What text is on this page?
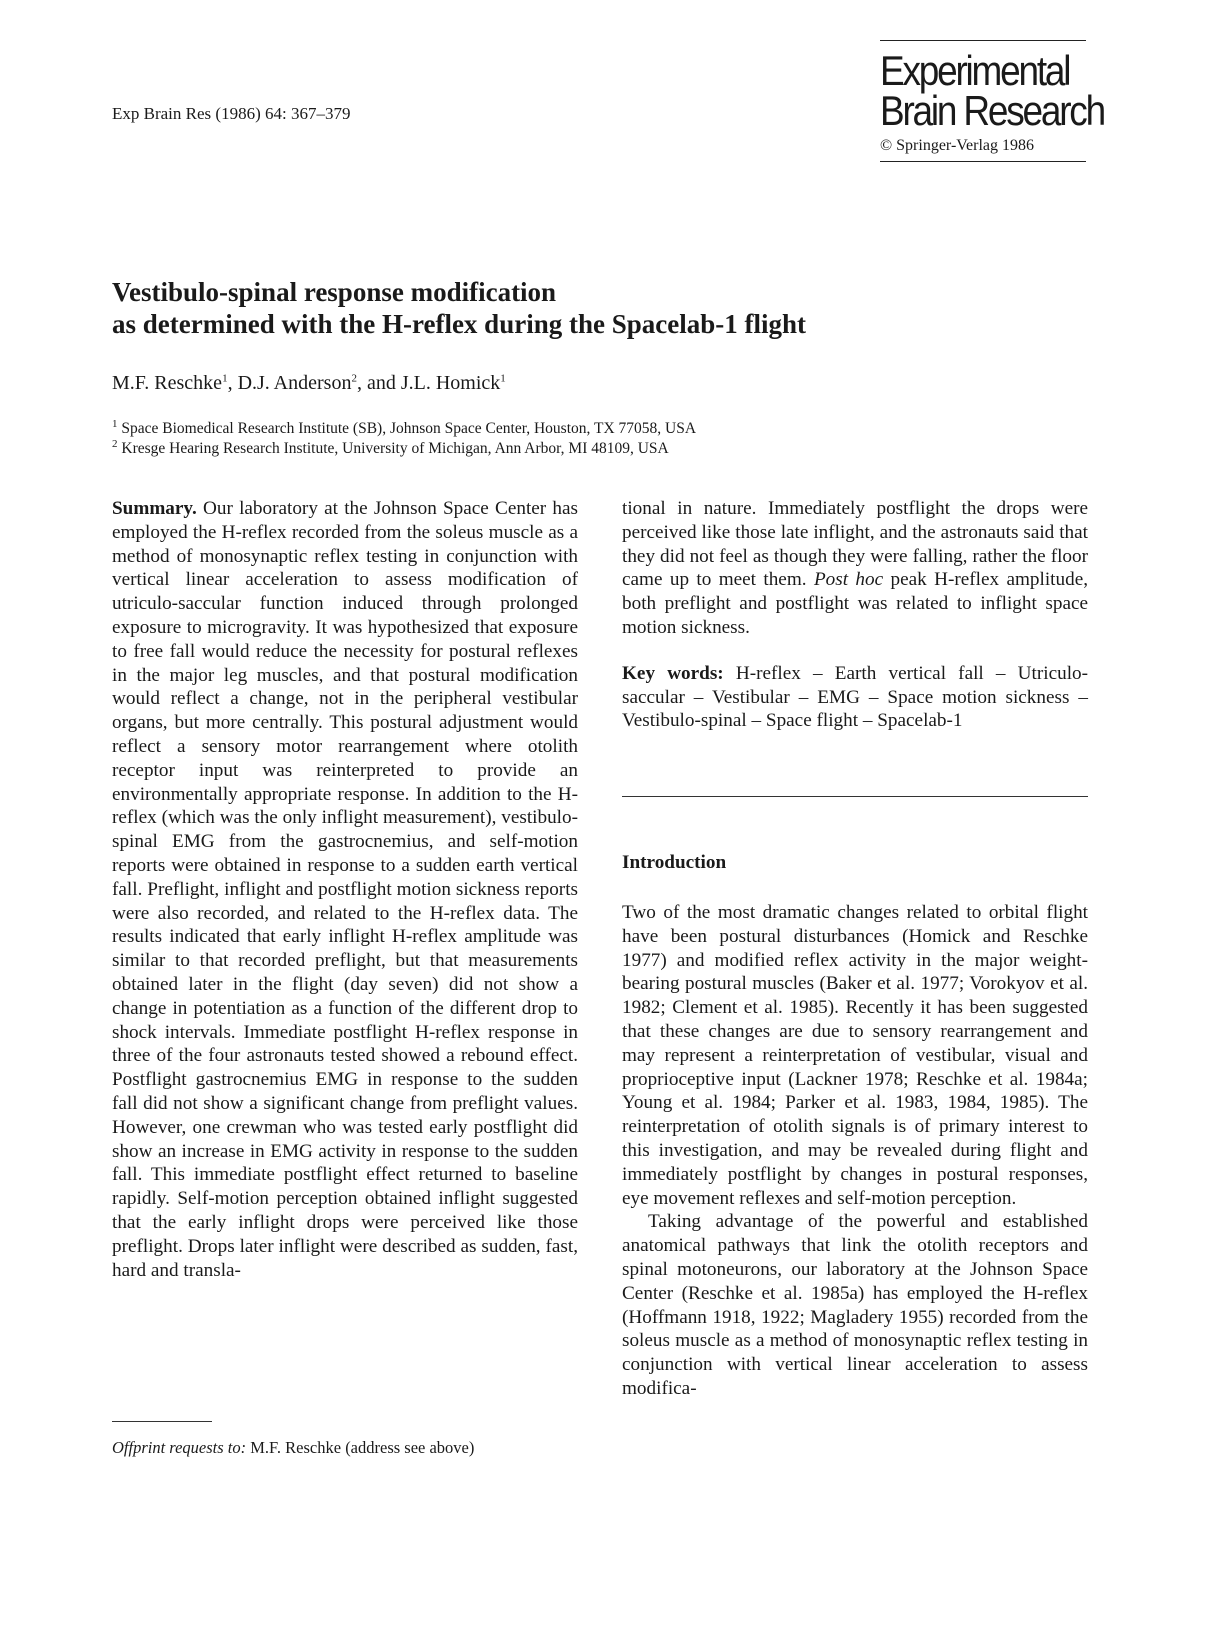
Exp Brain Res (1986) 64: 367–379
Experimental
Brain Research
© Springer-Verlag 1986
Vestibulo-spinal response modification
as determined with the H-reflex during the Spacelab-1 flight
M.F. Reschke$^1$, D.J. Anderson$^2$, and J.L. Homick$^1$
$^1$ Space Biomedical Research Institute (SB), Johnson Space Center, Houston, TX 77058, USA
$^2$ Kresge Hearing Research Institute, University of Michigan, Ann Arbor, MI 48109, USA

Summary. Our laboratory at the Johnson Space Center has employed the H-reflex recorded from the soleus muscle as a method of monosynaptic reflex testing in conjunction with vertical linear acceleration to assess modification of utriculo-saccular function induced through prolonged exposure to microgravity. It was hypothesized that exposure to free fall would reduce the necessity for postural reflexes in the major leg muscles, and that postural modification would reflect a change, not in the peripheral vestibular organs, but more centrally. This postural adjustment would reflect a sensory motor rearrangement where otolith receptor input was reinterpreted to provide an environmentally appropriate response. In addition to the H-reflex (which was the only inflight measurement), vestibulo-spinal EMG from the gastrocnemius, and self-motion reports were obtained in response to a sudden earth vertical fall. Preflight, inflight and postflight motion sickness reports were also recorded, and related to the H-reflex data. The results indicated that early inflight H-reflex amplitude was similar to that recorded preflight, but that measurements obtained later in the flight (day seven) did not show a change in potentiation as a function of the different drop to shock intervals. Immediate postflight H-reflex response in three of the four astronauts tested showed a rebound effect. Postflight gastrocnemius EMG in response to the sudden fall did not show a significant change from preflight values. However, one crewman who was tested early postflight did show an increase in EMG activity in response to the sudden fall. This immediate postflight effect returned to baseline rapidly. Self-motion perception obtained inflight suggested that the early inflight drops were perceived like those preflight. Drops later inflight were described as sudden, fast, hard and transla-

tional in nature. Immediately postflight the drops were perceived like those late inflight, and the astronauts said that they did not feel as though they were falling, rather the floor came up to meet them. Post hoc peak H-reflex amplitude, both preflight and postflight was related to inflight space motion sickness.

Key words: H-reflex – Earth vertical fall – Utriculo-saccular – Vestibular – EMG – Space motion sickness – Vestibulo-spinal – Space flight – Spacelab-1

Introduction

Two of the most dramatic changes related to orbital flight have been postural disturbances (Homick and Reschke 1977) and modified reflex activity in the major weight-bearing postural muscles (Baker et al. 1977; Vorokyov et al. 1982; Clement et al. 1985). Recently it has been suggested that these changes are due to sensory rearrangement and may represent a reinterpretation of vestibular, visual and proprioceptive input (Lackner 1978; Reschke et al. 1984a; Young et al. 1984; Parker et al. 1983, 1984, 1985). The reinterpretation of otolith signals is of primary interest to this investigation, and may be revealed during flight and immediately postflight by changes in postural responses, eye movement reflexes and self-motion perception.

Taking advantage of the powerful and established anatomical pathways that link the otolith receptors and spinal motoneurons, our laboratory at the Johnson Space Center (Reschke et al. 1985a) has employed the H-reflex (Hoffmann 1918, 1922; Magladery 1955) recorded from the soleus muscle as a method of monosynaptic reflex testing in conjunction with vertical linear acceleration to assess modifica-

Offprint requests to: M.F. Reschke (address see above)
